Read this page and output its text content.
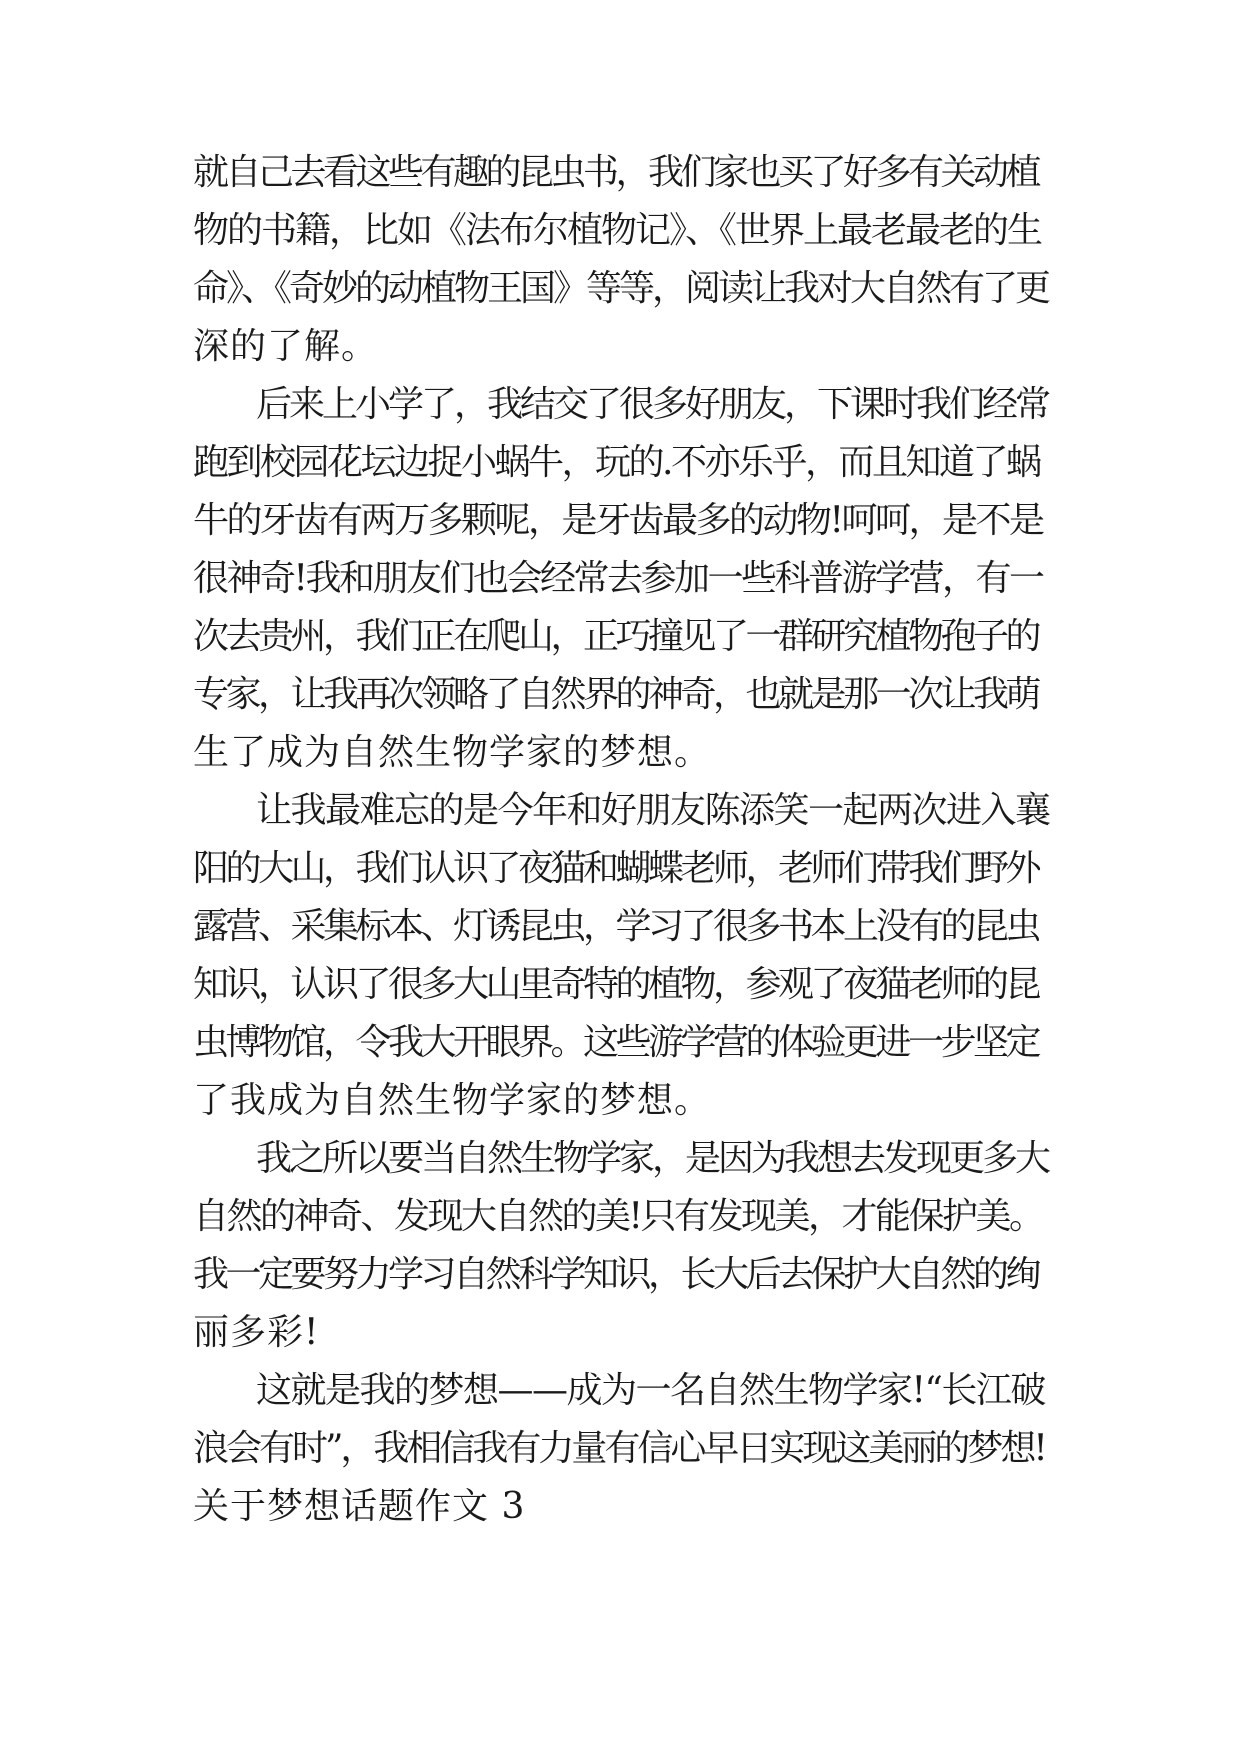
就自己去看这些有趣的昆虫书，我们家也买了好多有关动植
物的书籍，比如《法布尔植物记》、《世界上最老最老的生
命》、《奇妙的动植物王国》等等，阅读让我对大自然有了更
深的了解。
后来上小学了，我结交了很多好朋友，下课时我们经常
跑到校园花坛边捉小蜗牛，玩的.不亦乐乎，而且知道了蜗
牛的牙齿有两万多颗呢，是牙齿最多的动物!呵呵，是不是
很神奇!我和朋友们也会经常去参加一些科普游学营，有一
次去贵州，我们正在爬山，正巧撞见了一群研究植物孢子的
专家，让我再次领略了自然界的神奇，也就是那一次让我萌
生了成为自然生物学家的梦想。
让我最难忘的是今年和好朋友陈添笑一起两次进入襄
阳的大山，我们认识了夜猫和蝴蝶老师，老师们带我们野外
露营、采集标本、灯诱昆虫，学习了很多书本上没有的昆虫
知识，认识了很多大山里奇特的植物，参观了夜猫老师的昆
虫博物馆，令我大开眼界。这些游学营的体验更进一步坚定
了我成为自然生物学家的梦想。
我之所以要当自然生物学家，是因为我想去发现更多大
自然的神奇、发现大自然的美!只有发现美，才能保护美。
我一定要努力学习自然科学知识，长大后去保护大自然的绚
丽多彩!
这就是我的梦想——成为一名自然生物学家!“长江破
浪会有时”，我相信我有力量有信心早日实现这美丽的梦想!
关于梦想话题作文 3
